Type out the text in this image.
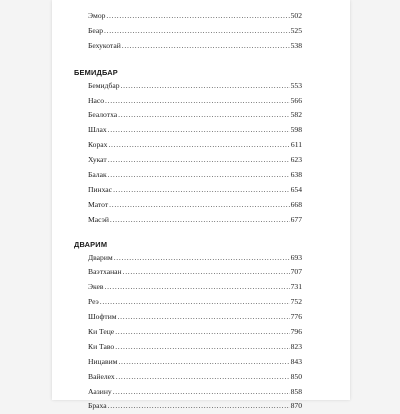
Эмор . . .	502
Беар . . .	525
Бехукотай . . .	538
БЕМИДБАР
Бемидбар . . .	553
Насо . . .	566
Беалотха . . .	582
Шлах . . .	598
Корах . . .	611
Хукат . . .	623
Балак . . .	638
Пинхас . . .	654
Матот . . .	668
Масэй . . .	677
ДВАРИМ
Дварим . . .	693
Ваэтханан . . .	707
Экев . . .	731
Реэ . . .	752
Шофтим . . .	776
Ки Теце . . .	796
Ки Таво . . .	823
Ницавим . . .	843
Вайелех . . .	850
Аазину . . .	858
Браха . . .	870
